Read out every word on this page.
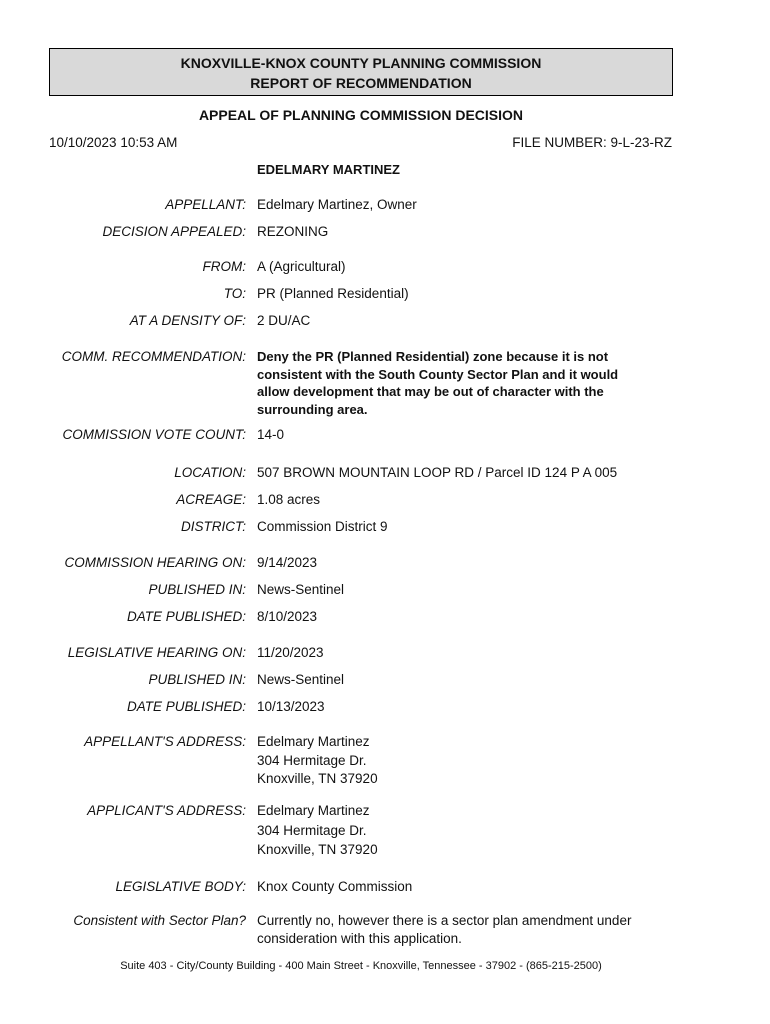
KNOXVILLE-KNOX COUNTY PLANNING COMMISSION
REPORT OF RECOMMENDATION
APPEAL OF PLANNING COMMISSION DECISION
10/10/2023 10:53 AM	FILE NUMBER: 9-L-23-RZ
EDELMARY MARTINEZ
APPELLANT: Edelmary Martinez, Owner
DECISION APPEALED: REZONING
FROM: A (Agricultural)
TO: PR (Planned Residential)
AT A DENSITY OF: 2 DU/AC
COMM. RECOMMENDATION: Deny the PR (Planned Residential) zone because it is not
consistent with the South County Sector Plan and it would
allow development that may be out of character with the
surrounding area.
COMMISSION VOTE COUNT: 14-0
LOCATION: 507 BROWN MOUNTAIN LOOP RD / Parcel ID 124 P A 005
ACREAGE: 1.08 acres
DISTRICT: Commission District 9
COMMISSION HEARING ON: 9/14/2023
PUBLISHED IN: News-Sentinel
DATE PUBLISHED: 8/10/2023
LEGISLATIVE HEARING ON: 11/20/2023
PUBLISHED IN: News-Sentinel
DATE PUBLISHED: 10/13/2023
APPELLANT'S ADDRESS: Edelmary Martinez
304 Hermitage Dr.
Knoxville, TN 37920
APPLICANT'S ADDRESS: Edelmary Martinez
304 Hermitage Dr.
Knoxville, TN 37920
LEGISLATIVE BODY: Knox County Commission
Consistent with Sector Plan? Currently no, however there is a sector plan amendment under
consideration with this application.
Suite 403 - City/County Building - 400 Main Street - Knoxville, Tennessee - 37902 - (865-215-2500)
